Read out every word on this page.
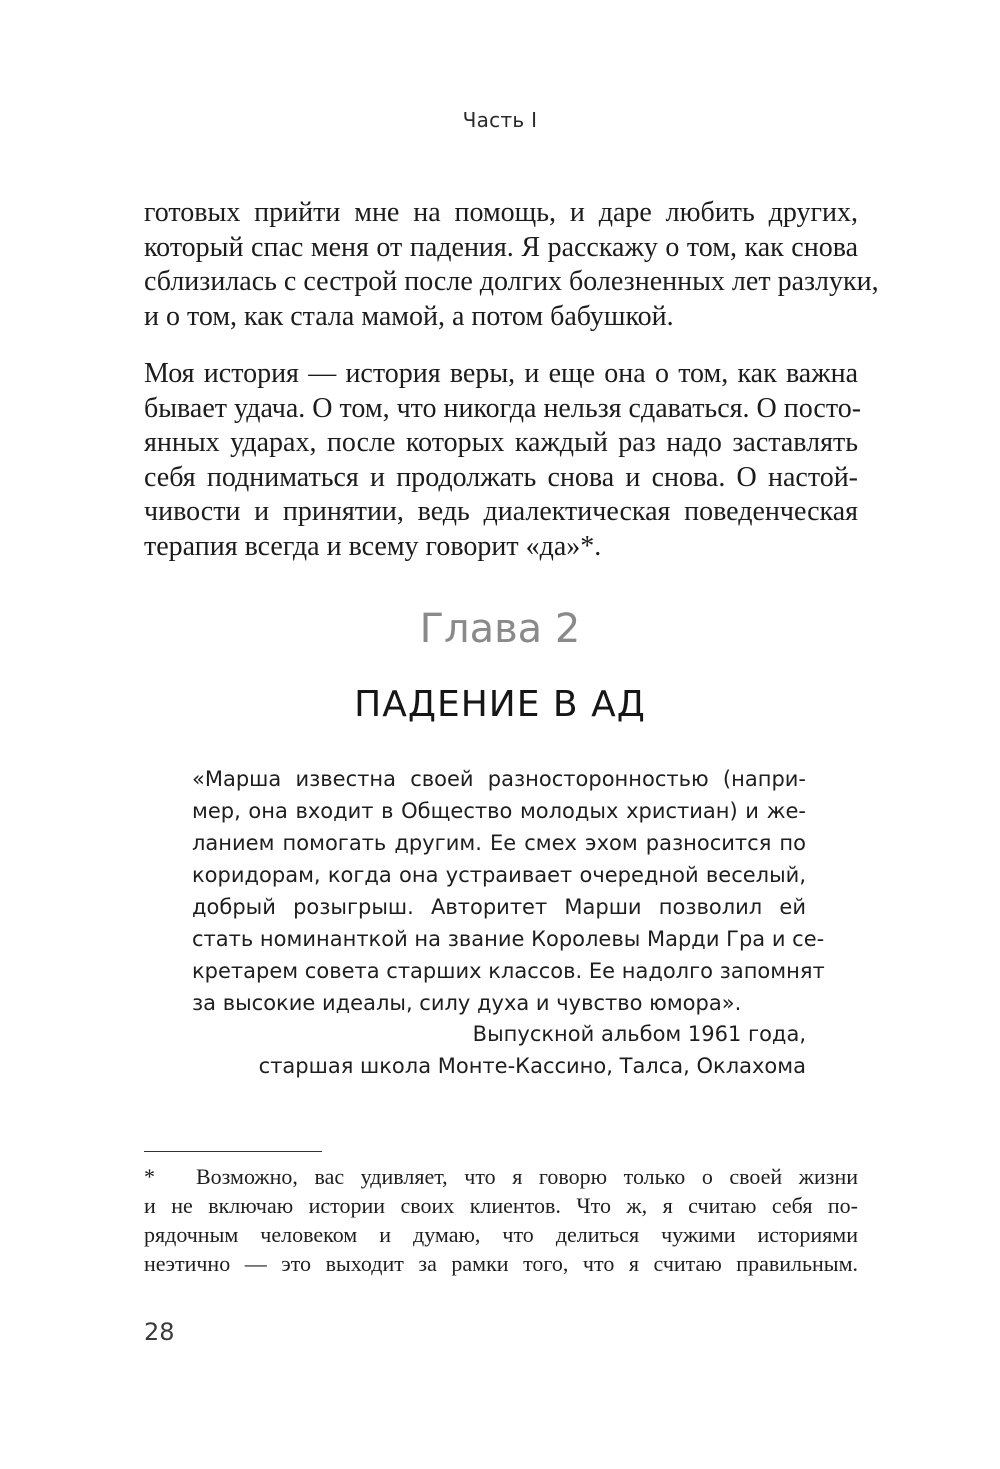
Часть I
готовых прийти мне на помощь, и даре любить других,
который спас меня от падения. Я расскажу о том, как снова
сблизилась с сестрой после долгих болезненных лет разлуки,
и о том, как стала мамой, а потом бабушкой.
Моя история — история веры, и еще она о том, как важна
бывает удача. О том, что никогда нельзя сдаваться. О посто-
янных ударах, после которых каждый раз надо заставлять
себя подниматься и продолжать снова и снова. О настой-
чивости и принятии, ведь диалектическая поведенческая
терапия всегда и всему говорит «да»*.
Глава 2
ПАДЕНИЕ В АД
«Марша известна своей разносторонностью (напри-
мер, она входит в Общество молодых христиан) и же-
ланием помогать другим. Ее смех эхом разносится по
коридорам, когда она устраивает очередной веселый,
добрый розыгрыш. Авторитет Марши позволил ей
стать номинанткой на звание Королевы Марди Гра и се-
кретарем совета старших классов. Ее надолго запомнят
за высокие идеалы, силу духа и чувство юмора».
Выпускной альбом 1961 года,
старшая школа Монте-Кассино, Талса, Оклахома
* Возможно, вас удивляет, что я говорю только о своей жизни
и не включаю истории своих клиентов. Что ж, я считаю себя по-
рядочным человеком и думаю, что делиться чужими историями
неэтично — это выходит за рамки того, что я считаю правильным.
28
